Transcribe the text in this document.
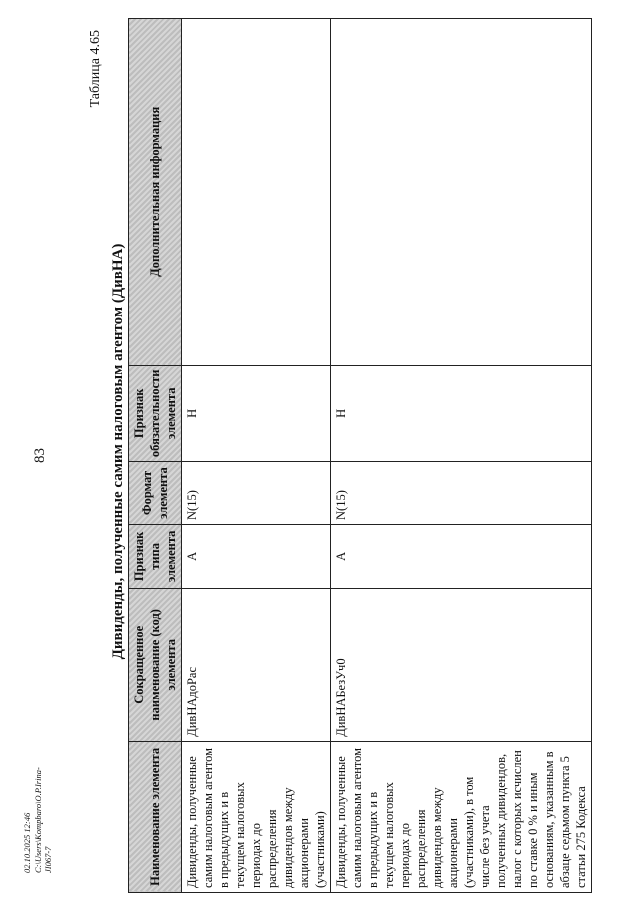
02.10.2025 12:46 C:\Users\Kompbaro\O.P.Irina-JI067-7
83
Таблица 4.65
Дивиденды, полученные самим налоговым агентом (ДивНА)
Наименование элемента	Сокращенное наименование (код) элемента	Признак типа элемента	Формат элемента	Признак обязательности элемента	Дополнительная информация
Дивиденды, полученные самим налоговым агентом в предыдущих и в текущем налоговых периодах до распределения дивидендов между акционерами (участниками)	ДивНАдоРас	А	N(15)	Н	
Дивиденды, полученные самим налоговым агентом в предыдущих и в текущем налоговых периодах до распределения дивидендов между акционерами (участниками), в том числе без учета полученных дивидендов, налог с которых исчислен по ставке 0 % и иным основаниям, указанным в абзаце седьмом пункта 5 статьи 275 Кодекса	ДивНАБезУч0	А	N(15)	Н	
